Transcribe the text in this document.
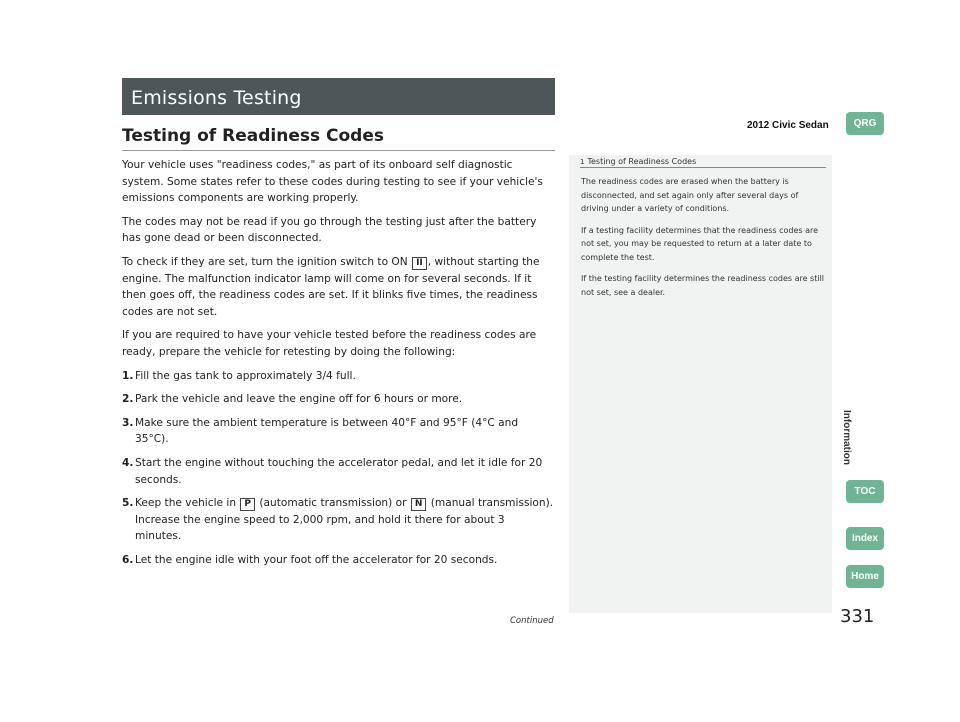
Emissions Testing
2012 Civic Sedan	QRG
Information
TOC
Index
Home
Testing of Readiness Codes

Your vehicle uses "readiness codes," as part of its onboard self diagnostic system. Some states refer to these codes during testing to see if your vehicle's emissions components are working properly.

The codes may not be read if you go through the testing just after the battery has gone dead or been disconnected.

To check if they are set, turn the ignition switch to ON II , without starting the engine. The malfunction indicator lamp will come on for several seconds. If it then goes off, the readiness codes are set. If it blinks five times, the readiness codes are not set.

If you are required to have your vehicle tested before the readiness codes are ready, prepare the vehicle for retesting by doing the following:

1. Fill the gas tank to approximately 3/4 full.
2. Park the vehicle and leave the engine off for 6 hours or more.
3. Make sure the ambient temperature is between 40°F and 95°F (4°C and 35°C).
4. Start the engine without touching the accelerator pedal, and let it idle for 20 seconds.
5. Keep the vehicle in P (automatic transmission) or N (manual transmission). Increase the engine speed to 2,000 rpm, and hold it there for about 3 minutes.
6. Let the engine idle with your foot off the accelerator for 20 seconds.
1 Testing of Readiness Codes

The readiness codes are erased when the battery is disconnected, and set again only after several days of driving under a variety of conditions.

If a testing facility determines that the readiness codes are not set, you may be requested to return at a later date to complete the test.

If the testing facility determines the readiness codes are still not set, see a dealer.

Continued	331
